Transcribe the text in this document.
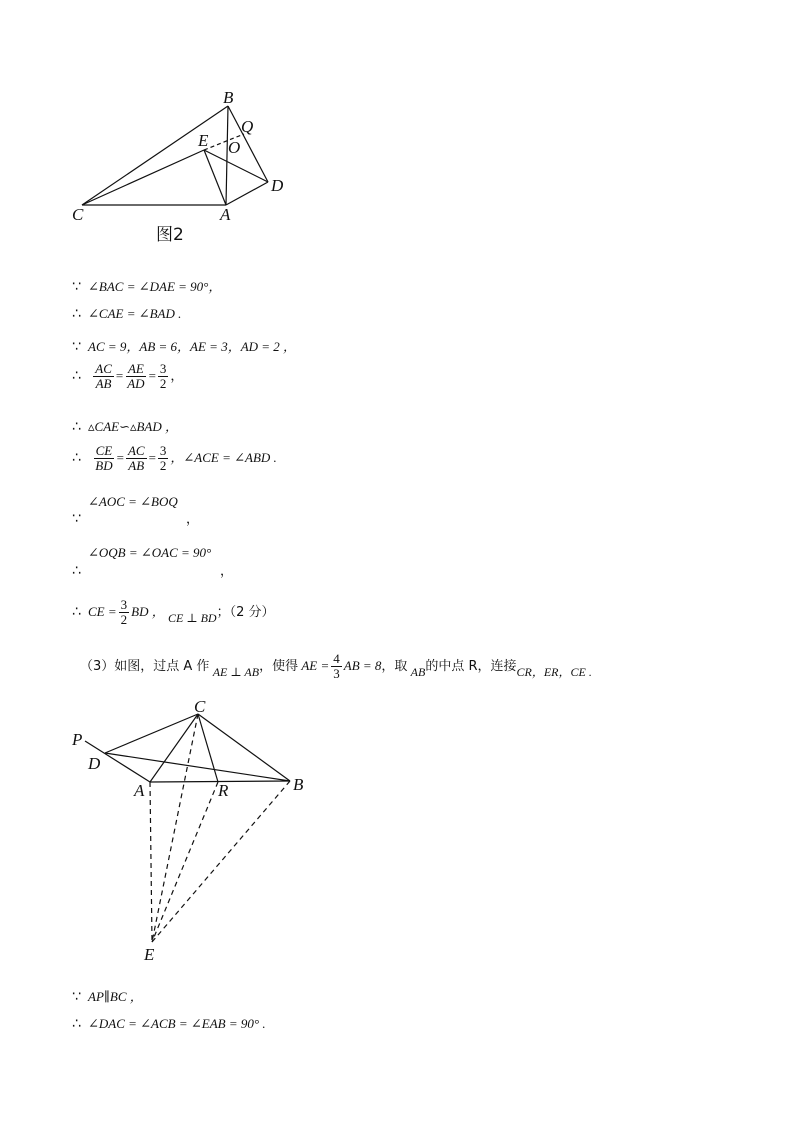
B
Q
E O
D
C	A
图2
∵ ∠BAC = ∠DAE = 90°，
∴ ∠CAE = ∠BAD .
∵ AC = 9，AB = 6，AE = 3，AD = 2 ，
∴ $\frac{AC}{AB} = \frac{AE}{AD} = \frac{3}{2}$ ，
∴ ▵CAE∽▵BAD ，
∴ $\frac{CE}{BD} = \frac{AC}{AB} = \frac{3}{2}$ ，∠ACE = ∠ABD .
∠AOC = ∠BOQ
∵	，
∠OQB = ∠OAC = 90°
∴	，
∴ CE = $\frac{3}{2}$ BD ， CE ⊥ BD；（2 分）
（3）如图，过点 A 作 AE ⊥ AB，使得 AE = $\frac{4}{3}$ AB = 8，取 AB的中点 R，连接CR，ER，CE .
C
P
D
A	R	B
E
∵ AP∥BC ，
∴ ∠DAC = ∠ACB = ∠EAB = 90° .
